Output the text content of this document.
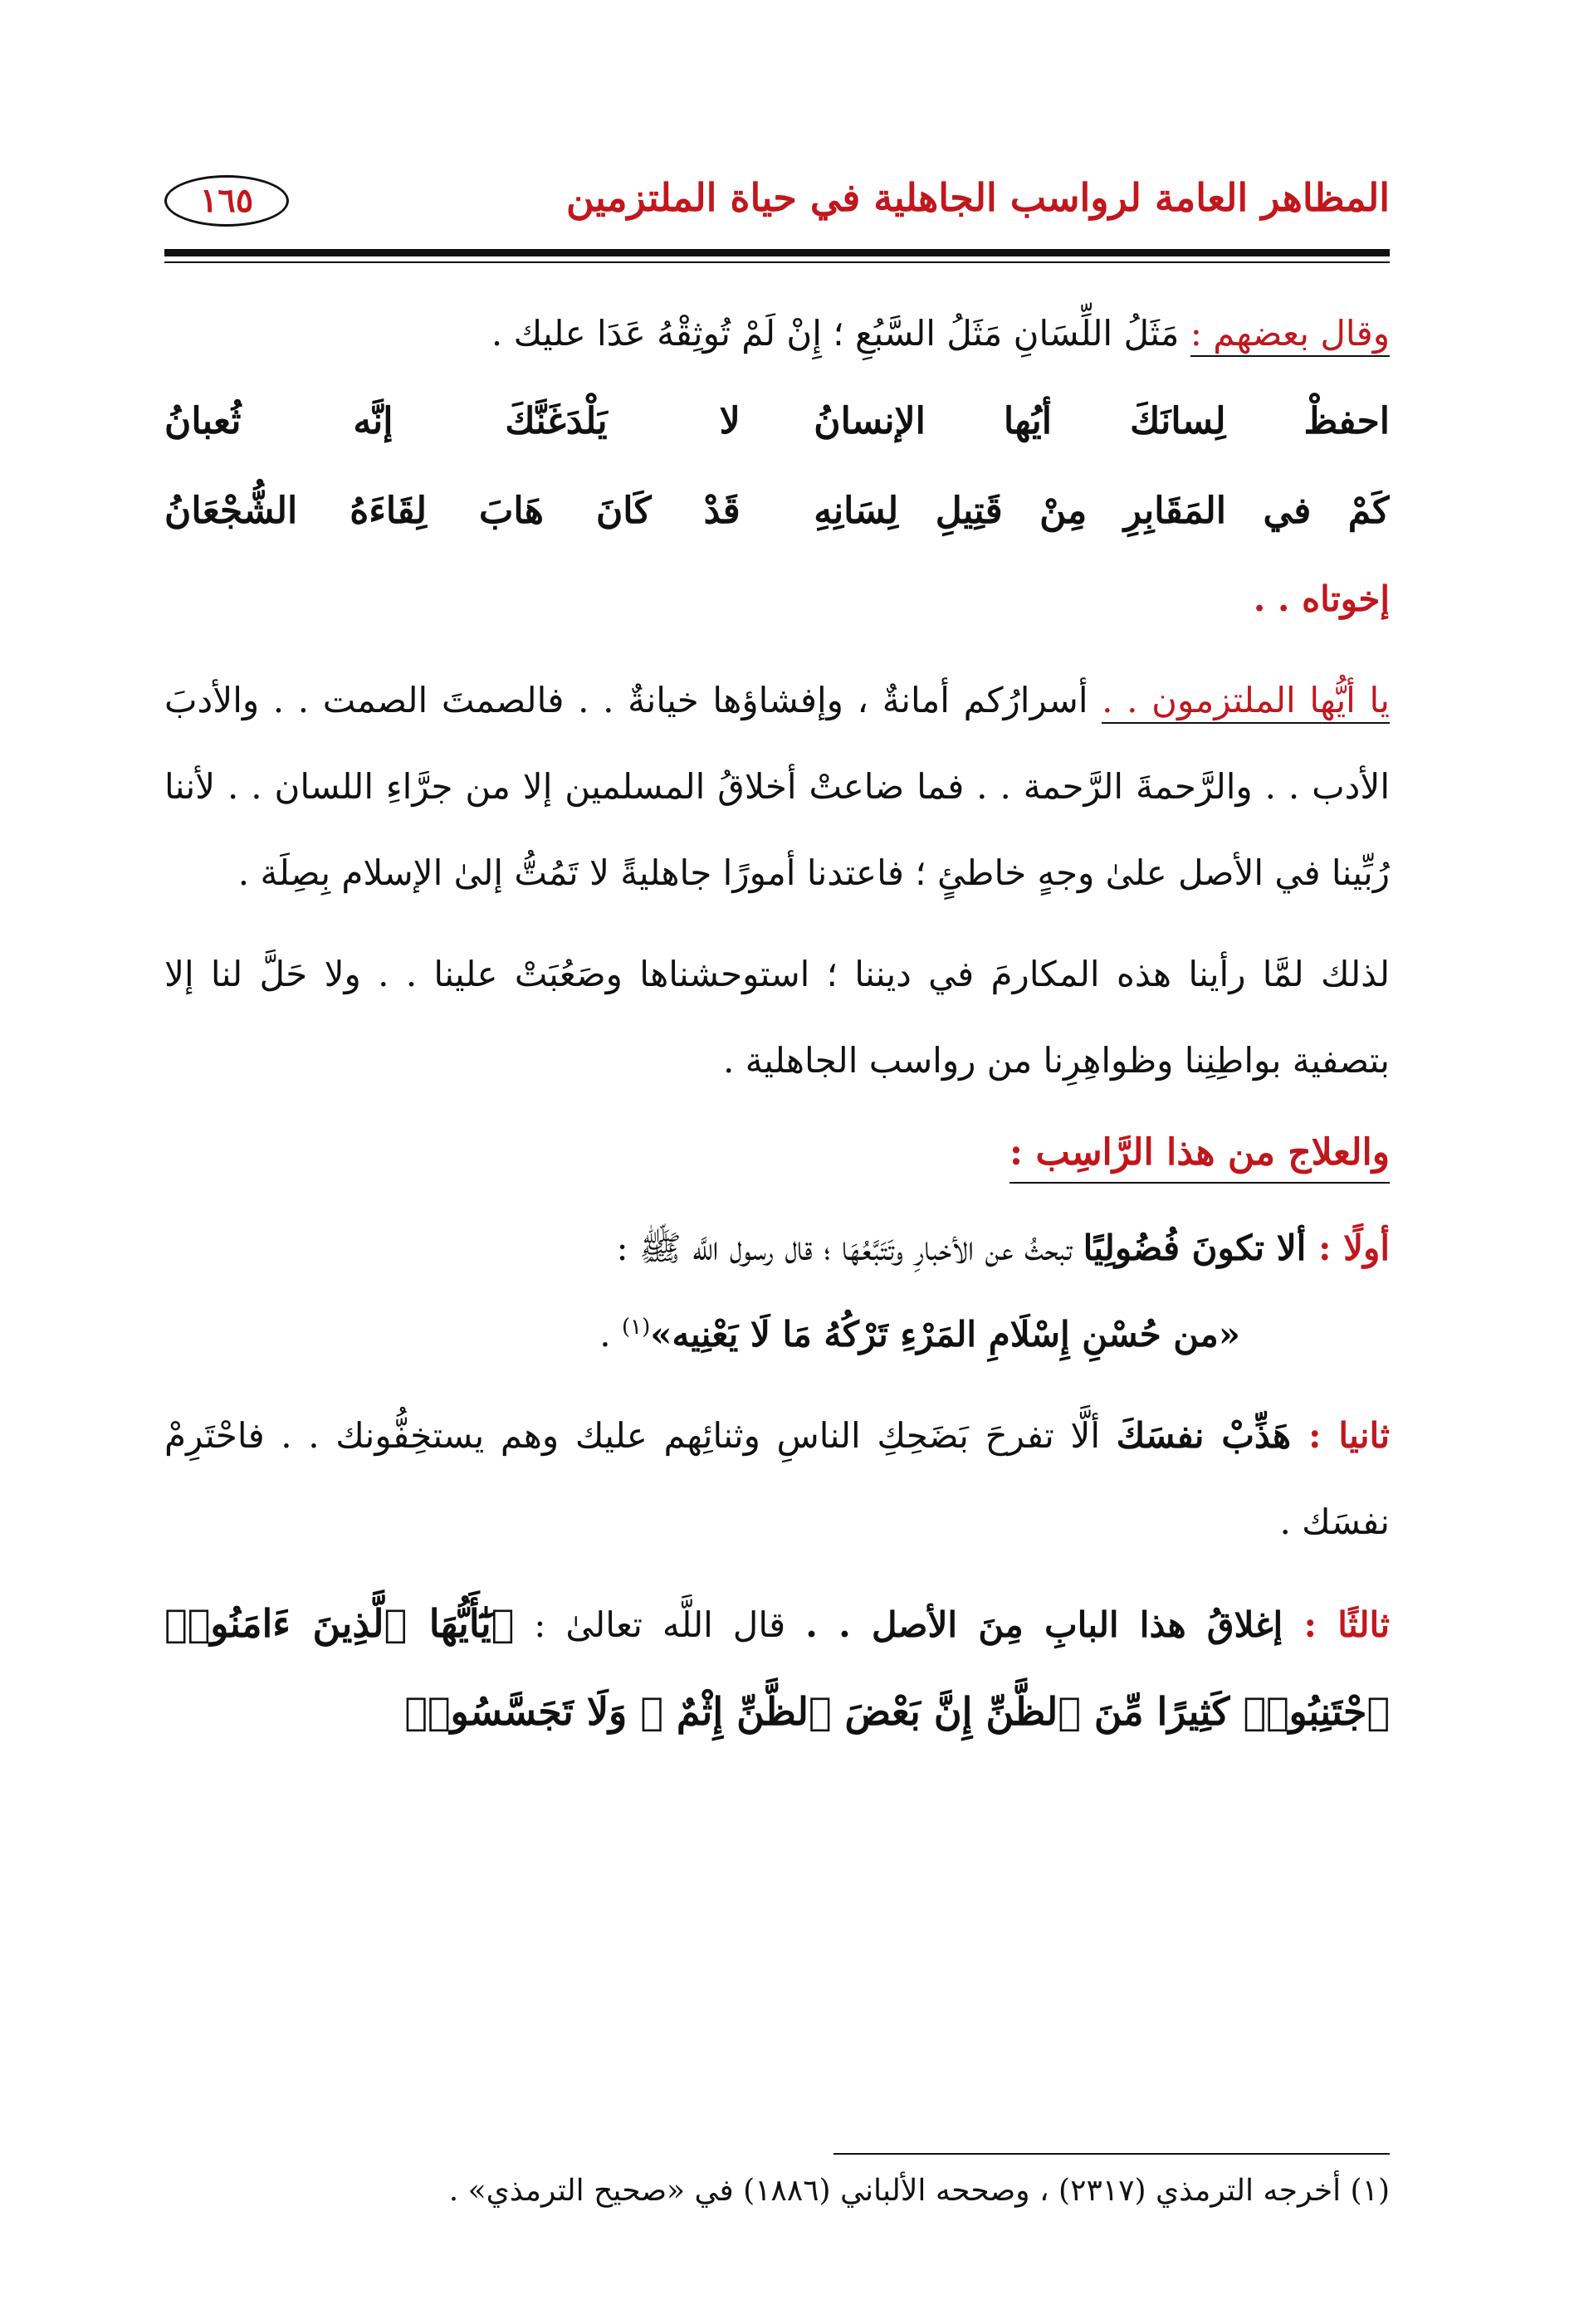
المظاهر العامة لرواسب الجاهلية في حياة الملتزمين
١٦٥

وقال بعضهم : مَثَلُ اللِّسَانِ مَثَلُ السَّبُعِ ؛ إِنْ لَمْ تُوثِقْهُ عَدَا عليك .

احفظْ لِسانَكَ أيُها الإنسانُ
لا يَلْدَغَنَّكَ إنَّه ثُعبانُ
كَمْ في المَقَابِرِ مِنْ قَتِيلِ لِسَانِهِ
قَدْ كَانَ هَابَ لِقَاءَهُ الشُّجْعَانُ

إخوتاه . .

يا أيُّها الملتزمون . . أسرارُكم أمانةٌ ، وإفشاؤها خيانةٌ . . فالصمتَ الصمت . . والأدبَ الأدب . . والرَّحمةَ الرَّحمة . . فما ضاعتْ أخلاقُ المسلمين إلا من جرَّاءِ اللسان . . لأننا رُبِّينا في الأصل علىٰ وجهٍ خاطئٍ ؛ فاعتدنا أمورًا جاهليةً لا تَمُتُّ إلىٰ الإسلام بِصِلَة .

لذلك لمَّا رأينا هذه المكارمَ في ديننا ؛ استوحشناها وصَعُبَتْ علينا . . ولا حَلَّ لنا إلا بتصفية بواطِنِنا وظواهِرِنا من رواسب الجاهلية .

والعلاج من هذا الرَّاسِب :

أولًا : ألا تكونَ فُضُولِيًا تبحثُ عن الأخبارِ وتَتَبَّعُهَا ؛ قال رسول اللَّه ﷺ :

«من حُسْنِ إِسْلَامِ المَرْءِ تَرْكُهُ مَا لَا يَعْنِيه»$^{(١)}$ .

ثانيا : هَذِّبْ نفسَكَ ألَّا تفرحَ بَضَحِكِ الناسِ وثنائِهم عليك وهم يستخِفُّونك . . فاحْتَرِمْ نفسَك .

ثالثًا : إغلاقُ هذا البابِ مِنَ الأصل . . قال اللَّه تعالىٰ : ﴿يَٰٓأَيُّهَا ٱلَّذِينَ ءَامَنُوا۟ ٱجْتَنِبُوا۟ كَثِيرًا مِّنَ ٱلظَّنِّ إِنَّ بَعْضَ ٱلظَّنِّ إِثْمٌ ۖ وَلَا تَجَسَّسُوا۟

(١) أخرجه الترمذي (٢٣١٧) ، وصححه الألباني (١٨٨٦) في «صحيح الترمذي» .
